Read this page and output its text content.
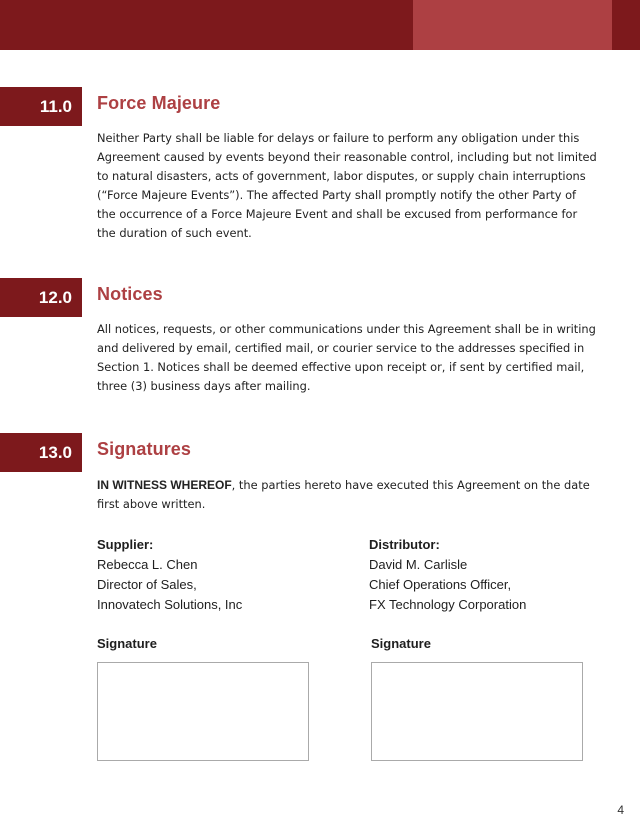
11.0	Force Majeure
Neither Party shall be liable for delays or failure to perform any obligation under this Agreement caused by events beyond their reasonable control, including but not limited to natural disasters, acts of government, labor disputes, or supply chain interruptions (“Force Majeure Events”). The affected Party shall promptly notify the other Party of the occurrence of a Force Majeure Event and shall be excused from performance for the duration of such event.
12.0	Notices
All notices, requests, or other communications under this Agreement shall be in writing and delivered by email, certified mail, or courier service to the addresses specified in Section 1. Notices shall be deemed effective upon receipt or, if sent by certified mail, three (3) business days after mailing.
13.0	Signatures
IN WITNESS WHEREOF, the parties hereto have executed this Agreement on the date first above written.
Supplier:
Rebecca L. Chen
Director of Sales,
Innovatech Solutions, Inc
Distributor:
David M. Carlisle
Chief Operations Officer,
FX Technology Corporation
Signature	Signature
4
